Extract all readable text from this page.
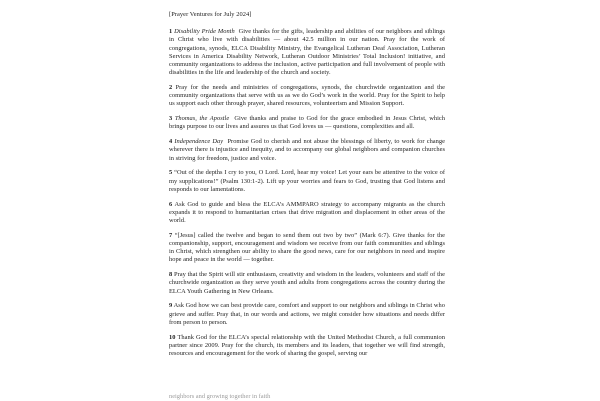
[Prayer Ventures for July 2024]

1 Disability Pride Month Give thanks for the gifts, leadership and abilities of our neighbors and siblings in Christ who live with disabilities — about 42.5 million in our nation. Pray for the work of congregations, synods, ELCA Disability Ministry, the Evangelical Lutheran Deaf Association, Lutheran Services in America Disability Network, Lutheran Outdoor Ministries’ Total Inclusion! initiative, and community organizations to address the inclusion, active participation and full involvement of people with disabilities in the life and leadership of the church and society.

2 Pray for the needs and ministries of congregations, synods, the churchwide organization and the community organizations that serve with us as we do God’s work in the world. Pray for the Spirit to help us support each other through prayer, shared resources, volunteerism and Mission Support.

3 Thomas, the Apostle Give thanks and praise to God for the grace embodied in Jesus Christ, which brings purpose to our lives and assures us that God loves us — questions, complexities and all.

4 Independence Day Promise God to cherish and not abuse the blessings of liberty, to work for change wherever there is injustice and inequity, and to accompany our global neighbors and companion churches in striving for freedom, justice and voice.

5 “Out of the depths I cry to you, O Lord. Lord, hear my voice! Let your ears be attentive to the voice of my supplications!” (Psalm 130:1-2). Lift up your worries and fears to God, trusting that God listens and responds to our lamentations.

6 Ask God to guide and bless the ELCA’s AMMPARO strategy to accompany migrants as the church expands it to respond to humanitarian crises that drive migration and displacement in other areas of the world.

7 “[Jesus] called the twelve and began to send them out two by two” (Mark 6:7). Give thanks for the companionship, support, encouragement and wisdom we receive from our faith communities and siblings in Christ, which strengthen our ability to share the good news, care for our neighbors in need and inspire hope and peace in the world — together.

8 Pray that the Spirit will stir enthusiasm, creativity and wisdom in the leaders, volunteers and staff of the churchwide organization as they serve youth and adults from congregations across the country during the ELCA Youth Gathering in New Orleans.

9 Ask God how we can best provide care, comfort and support to our neighbors and siblings in Christ who grieve and suffer. Pray that, in our words and actions, we might consider how situations and needs differ from person to person.

10 Thank God for the ELCA’s special relationship with the United Methodist Church, a full communion partner since 2009. Pray for the church, its members and its leaders, that together we will find strength, resources and encouragement for the work of sharing the gospel, serving our

neighbors and growing together in faith
